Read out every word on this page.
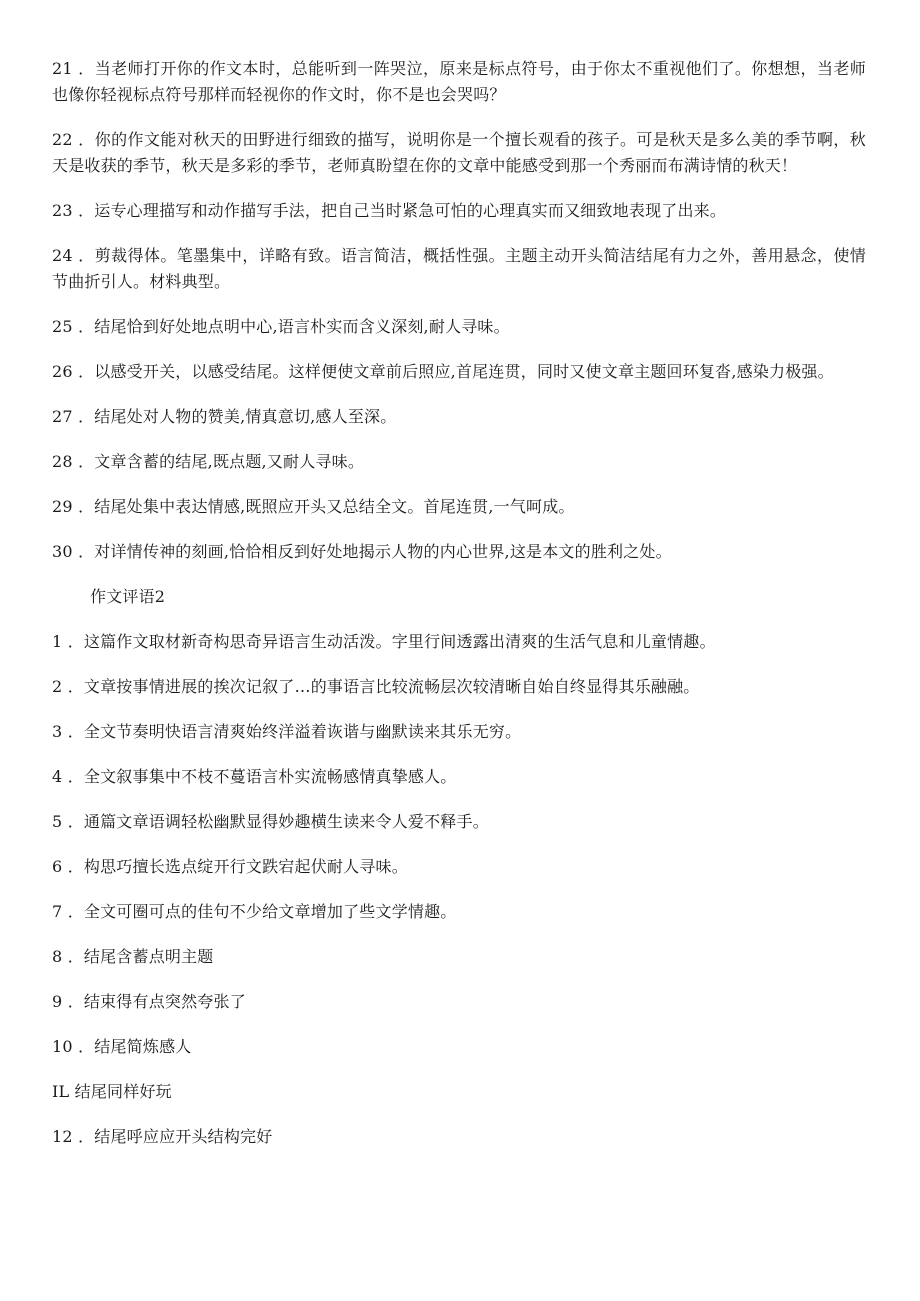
21 ．当老师打开你的作文本时，总能听到一阵哭泣，原来是标点符号，由于你太不重视他们了。你想想，当老师也像你轻视标点符号那样而轻视你的作文时，你不是也会哭吗？

22 ．你的作文能对秋天的田野进行细致的描写，说明你是一个擅长观看的孩子。可是秋天是多么美的季节啊，秋天是收获的季节，秋天是多彩的季节，老师真盼望在你的文章中能感受到那一个秀丽而布满诗情的秋天！

23 ．运专心理描写和动作描写手法，把自己当时紧急可怕的心理真实而又细致地表现了出来。

24 ．剪裁得体。笔墨集中，详略有致。语言简洁，概括性强。主题主动开头简洁结尾有力之外，善用悬念，使情节曲折引人。材料典型。

25 ．结尾恰到好处地点明中心,语言朴实而含义深刻,耐人寻味。

26 ．以感受开关，以感受结尾。这样便使文章前后照应,首尾连贯，同时又使文章主题回环复沓,感染力极强。

27 ．结尾处对人物的赞美,情真意切,感人至深。

28 ．文章含蓄的结尾,既点题,又耐人寻味。

29 ．结尾处集中表达情感,既照应开头又总结全文。首尾连贯,一气呵成。

30 ．对详情传神的刻画,恰恰相反到好处地揭示人物的内心世界,这是本文的胜利之处。

作文评语2

1 ．这篇作文取材新奇构思奇异语言生动活泼。字里行间透露出清爽的生活气息和儿童情趣。

2 ．文章按事情进展的挨次记叙了…的事语言比较流畅层次较清晰自始自终显得其乐融融。

3 ．全文节奏明快语言清爽始终洋溢着诙谐与幽默读来其乐无穷。

4 ．全文叙事集中不枝不蔓语言朴实流畅感情真挚感人。

5 ．通篇文章语调轻松幽默显得妙趣横生读来令人爱不释手。

6 ．构思巧擅长选点绽开行文跌宕起伏耐人寻味。

7 ．全文可圈可点的佳句不少给文章增加了些文学情趣。

8 ．结尾含蓄点明主题

9 ．结束得有点突然夸张了

10 ．结尾简炼感人

IL 结尾同样好玩

12 ．结尾呼应应开头结构完好
